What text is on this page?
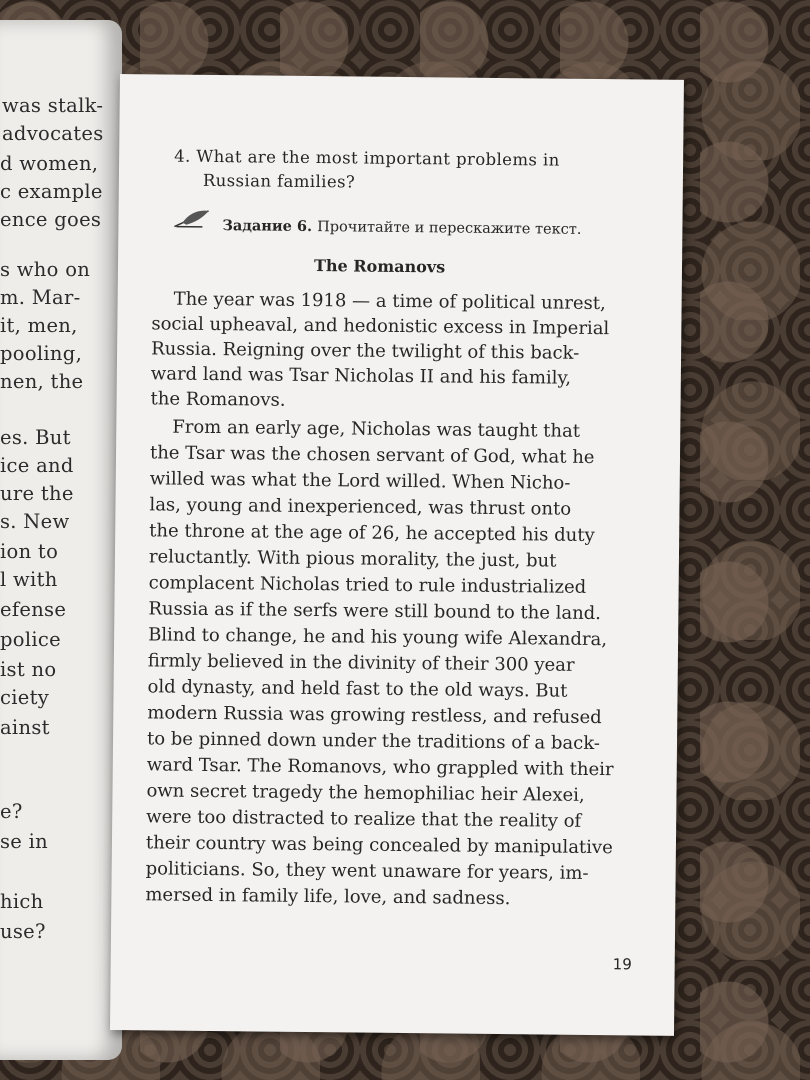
was stalk-
advocates
d women,
c example
ence goes
s who on
m. Mar-
it, men,
pooling,
nen, the
es. But
ice and
ure the
s. New
ion to
l with
efense
police
ist no
ciety
ainst
e?
se in
hich
use?
4. What are the most important problems in
Russian families?
Задание 6. Прочитайте и перескажите текст.
The Romanovs
The year was 1918 — a time of political unrest,
social upheaval, and hedonistic excess in Imperial
Russia. Reigning over the twilight of this back-
ward land was Tsar Nicholas II and his family,
the Romanovs.
From an early age, Nicholas was taught that
the Tsar was the chosen servant of God, what he
willed was what the Lord willed. When Nicho-
las, young and inexperienced, was thrust onto
the throne at the age of 26, he accepted his duty
reluctantly. With pious morality, the just, but
complacent Nicholas tried to rule industrialized
Russia as if the serfs were still bound to the land.
Blind to change, he and his young wife Alexandra,
firmly believed in the divinity of their 300 year
old dynasty, and held fast to the old ways. But
modern Russia was growing restless, and refused
to be pinned down under the traditions of a back-
ward Tsar. The Romanovs, who grappled with their
own secret tragedy the hemophiliac heir Alexei,
were too distracted to realize that the reality of
their country was being concealed by manipulative
politicians. So, they went unaware for years, im-
mersed in family life, love, and sadness.
19
